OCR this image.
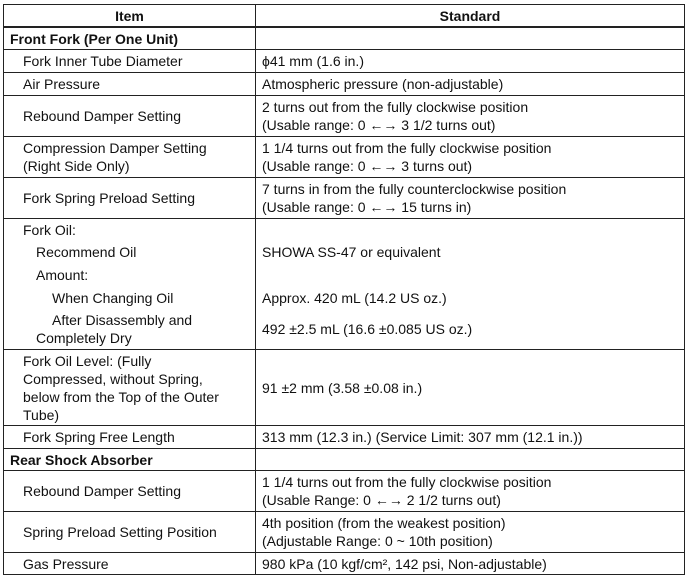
Item	Standard
Front Fork (Per One Unit)	
Fork Inner Tube Diameter	ϕ41 mm (1.6 in.)
Air Pressure	Atmospheric pressure (non-adjustable)
Rebound Damper Setting	2 turns out from the fully clockwise position
(Usable range: 0 ←→ 3 1/2 turns out)

Compression Damper Setting
(Right Side Only)	1 1/4 turns out from the fully clockwise position
(Usable range: 0 ←→ 3 turns out)

Fork Spring Preload Setting	7 turns in from the fully counterclockwise position
(Usable range: 0 ←→ 15 turns in)

Fork Oil:	
Recommend Oil	SHOWA SS-47 or equivalent
Amount:	
When Changing Oil	Approx. 420 mL (14.2 US oz.)

After Disassembly and
Completely Dry	492 ±2.5 mL (16.6 ±0.085 US oz.)

Fork Oil Level: (Fully
Compressed, without Spring,
below from the Top of the Outer
Tube)	91 ±2 mm (3.58 ±0.08 in.)
Fork Spring Free Length	313 mm (12.3 in.) (Service Limit: 307 mm (12.1 in.))
Rear Shock Absorber	
Rebound Damper Setting	1 1/4 turns out from the fully clockwise position
(Usable Range: 0 ←→ 2 1/2 turns out)

Spring Preload Setting Position	4th position (from the weakest position)
(Adjustable Range: 0 ~ 10th position)

Gas Pressure	980 kPa (10 kgf/cm², 142 psi, Non-adjustable)
